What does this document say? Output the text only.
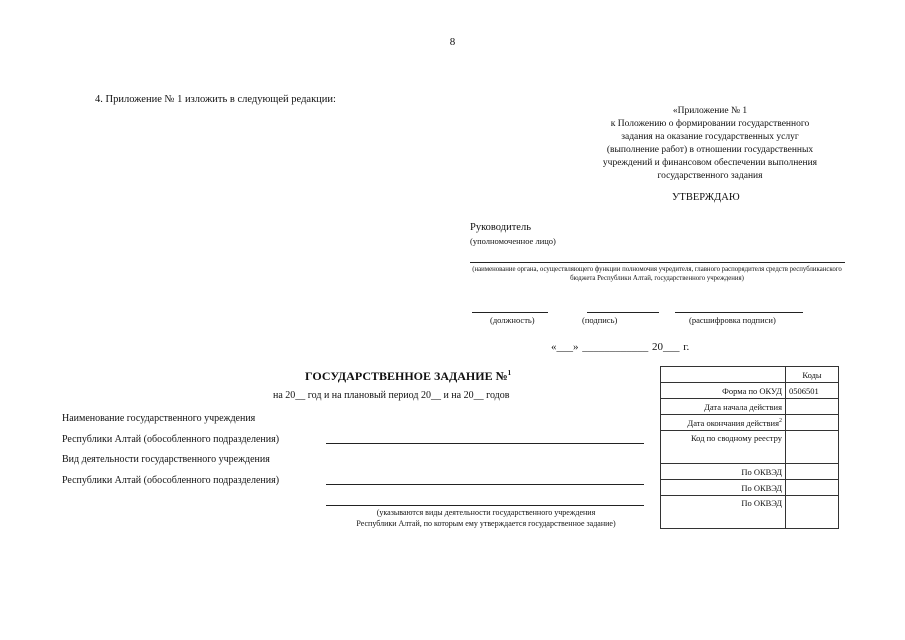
8
4. Приложение № 1 изложить в следующей редакции:
«Приложение № 1
к Положению о формировании государственного
задания на оказание государственных услуг
(выполнение работ) в отношении государственных
учреждений и финансовом обеспечении выполнения
государственного задания
УТВЕРЖДАЮ
Руководитель
(уполномоченное лицо)
(наименование органа, осуществляющего функции полномочия учредителя, главного распорядителя средств республиканского бюджета Республики Алтай, государственного учреждения)
(должность)	(подпись)	(расшифровка подписи)
«___» ____________ 20___ г.
ГОСУДАРСТВЕННОЕ ЗАДАНИЕ №$^1$
на 20__ год и на плановый период 20__ и на 20__ годов
Наименование государственного учреждения
Республики Алтай (обособленного подразделения)
Вид деятельности государственного учреждения
Республики Алтай (обособленного подразделения)
(указываются виды деятельности государственного учреждения
Республики Алтай, по которым ему утверждается государственное задание)
	Коды
Форма по ОКУД	0506501
Дата начала действия	
Дата окончания действия$^2$	
Код по сводному реестру	
По ОКВЭД	
По ОКВЭД	
По ОКВЭД	
